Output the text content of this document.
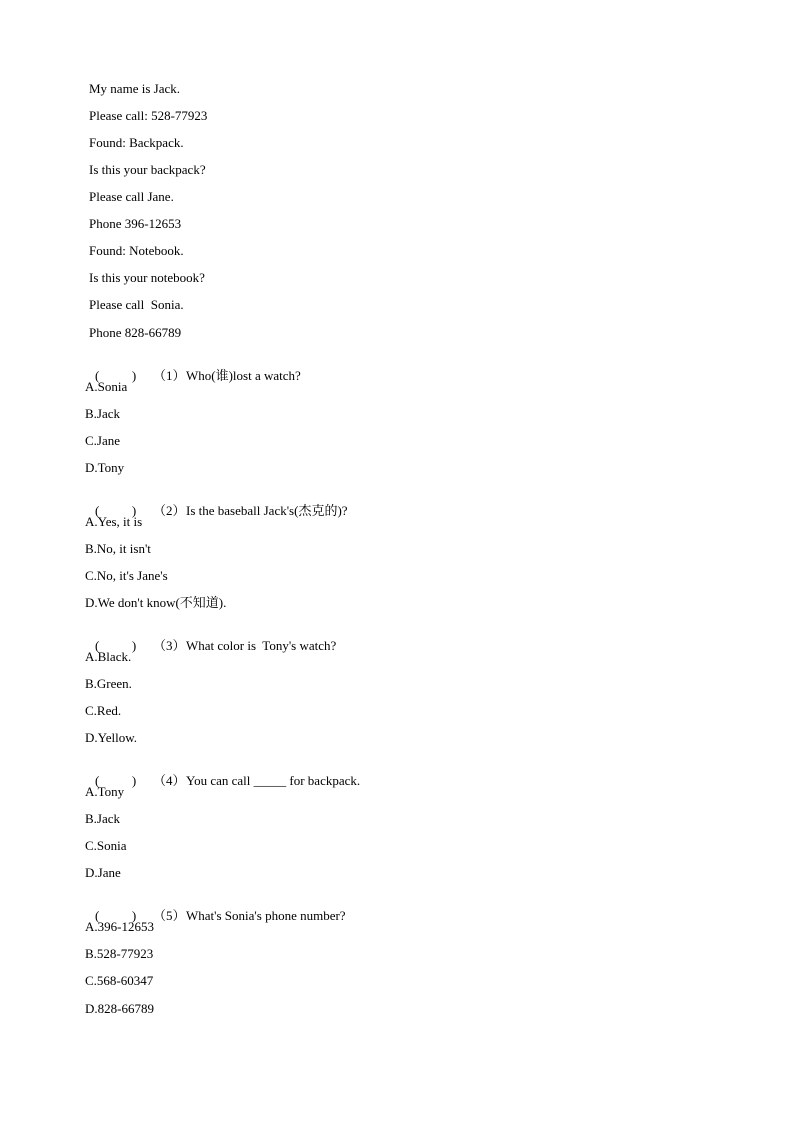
My name is Jack.
Please call: 528-77923
Found: Backpack.
Is this your backpack?
Please call Jane.
Phone 396-12653
Found: Notebook.
Is this your notebook?
Please call  Sonia.
Phone 828-66789

(          ) （1）Who(谁)lost a watch?

A.Sonia
B.Jack
C.Jane
D.Tony

(          ) （2）Is the baseball Jack's(杰克的)?

A.Yes, it is
B.No, it isn't
C.No, it's Jane's
D.We don't know(不知道).

(          ) （3）What color is  Tony's watch?

A.Black.
B.Green.
C.Red.
D.Yellow.

(          ) （4）You can call _____ for backpack.

A.Tony
B.Jack
C.Sonia
D.Jane

(          ) （5）What's Sonia's phone number?

A.396-12653
B.528-77923
C.568-60347
D.828-66789
